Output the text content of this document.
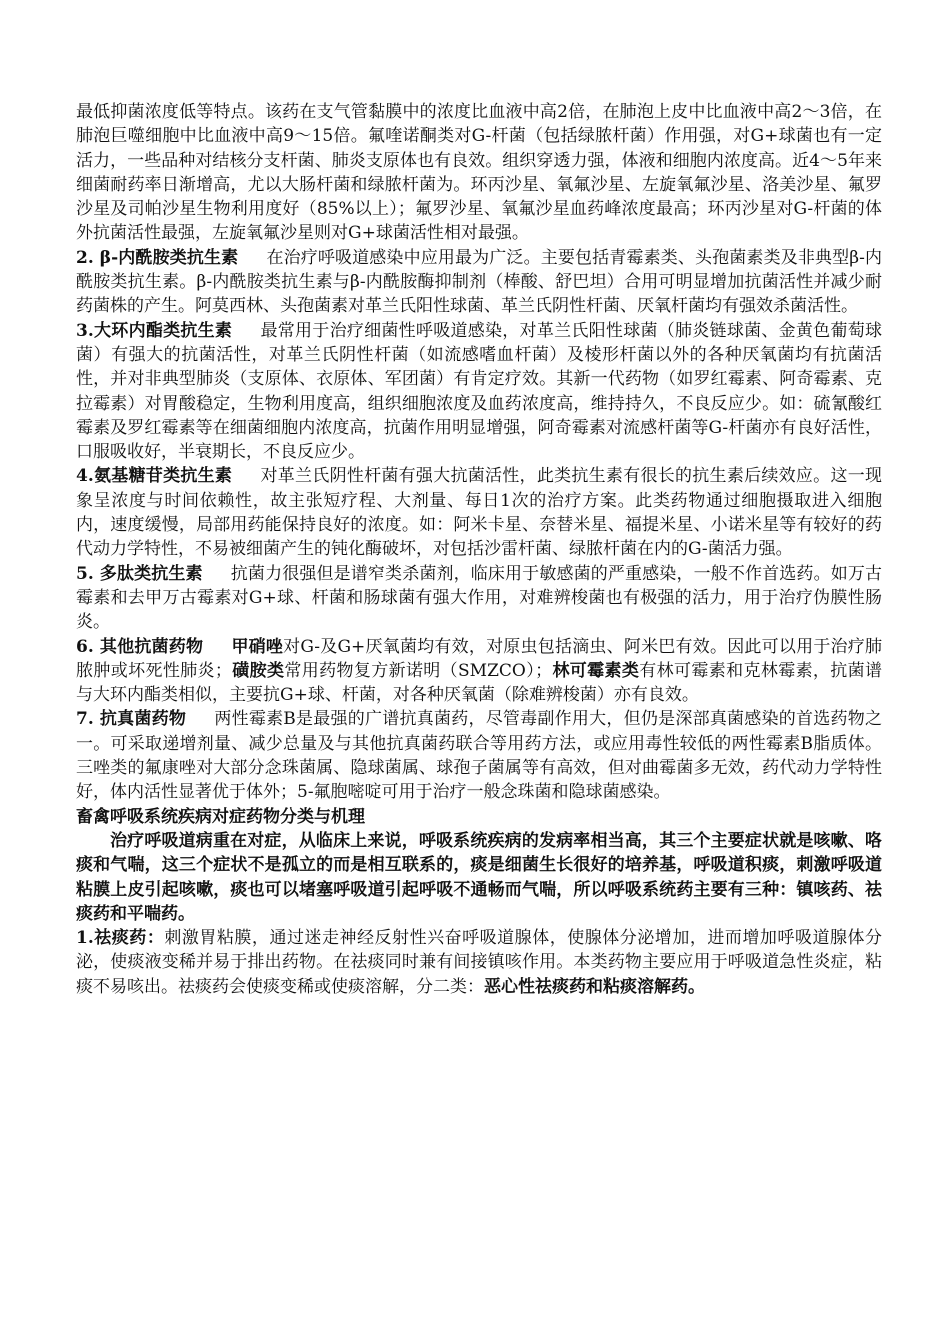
最低抑菌浓度低等特点。该药在支气管黏膜中的浓度比血液中高2倍，在肺泡上皮中比血液中高2～3倍，在肺泡巨噬细胞中比血液中高9～15倍。氟喹诺酮类对G-杆菌（包括绿脓杆菌）作用强，对G+球菌也有一定活力，一些品种对结核分支杆菌、肺炎支原体也有良效。组织穿透力强，体液和细胞内浓度高。近4～5年来细菌耐药率日渐增高，尤以大肠杆菌和绿脓杆菌为。环丙沙星、氧氟沙星、左旋氧氟沙星、洛美沙星、氟罗沙星及司帕沙星生物利用度好（85%以上）；氟罗沙星、氧氟沙星血药峰浓度最高；环丙沙星对G-杆菌的体外抗菌活性最强，左旋氧氟沙星则对G+球菌活性相对最强。

2. β-内酰胺类抗生素 在治疗呼吸道感染中应用最为广泛。主要包括青霉素类、头孢菌素类及非典型β-内酰胺类抗生素。β-内酰胺类抗生素与β-内酰胺酶抑制剂（棒酸、舒巴坦）合用可明显增加抗菌活性并减少耐药菌株的产生。阿莫西林、头孢菌素对革兰氏阳性球菌、革兰氏阴性杆菌、厌氧杆菌均有强效杀菌活性。

3.大环内酯类抗生素 最常用于治疗细菌性呼吸道感染，对革兰氏阳性球菌（肺炎链球菌、金黄色葡萄球菌）有强大的抗菌活性，对革兰氏阴性杆菌（如流感嗜血杆菌）及棱形杆菌以外的各种厌氧菌均有抗菌活性，并对非典型肺炎（支原体、衣原体、军团菌）有肯定疗效。其新一代药物（如罗红霉素、阿奇霉素、克拉霉素）对胃酸稳定，生物利用度高，组织细胞浓度及血药浓度高，维持持久，不良反应少。如：硫氰酸红霉素及罗红霉素等在细菌细胞内浓度高，抗菌作用明显增强，阿奇霉素对流感杆菌等G-杆菌亦有良好活性，口服吸收好，半衰期长，不良反应少。

4.氨基糖苷类抗生素 对革兰氏阴性杆菌有强大抗菌活性，此类抗生素有很长的抗生素后续效应。这一现象呈浓度与时间依赖性，故主张短疗程、大剂量、每日1次的治疗方案。此类药物通过细胞摄取进入细胞内，速度缓慢，局部用药能保持良好的浓度。如：阿米卡星、奈替米星、福提米星、小诺米星等有较好的药代动力学特性，不易被细菌产生的钝化酶破坏，对包括沙雷杆菌、绿脓杆菌在内的G-菌活力强。

5. 多肽类抗生素 抗菌力很强但是谱窄类杀菌剂，临床用于敏感菌的严重感染，一般不作首选药。如万古霉素和去甲万古霉素对G+球、杆菌和肠球菌有强大作用，对难辨梭菌也有极强的活力，用于治疗伪膜性肠炎。

6. 其他抗菌药物 甲硝唑对G-及G+厌氧菌均有效，对原虫包括滴虫、阿米巴有效。因此可以用于治疗肺脓肿或坏死性肺炎；磺胺类常用药物复方新诺明（SMZCO）；林可霉素类有林可霉素和克林霉素，抗菌谱与大环内酯类相似，主要抗G+球、杆菌，对各种厌氧菌（除难辨梭菌）亦有良效。

7. 抗真菌药物 两性霉素B是最强的广谱抗真菌药，尽管毒副作用大，但仍是深部真菌感染的首选药物之一。可采取递增剂量、减少总量及与其他抗真菌药联合等用药方法，或应用毒性较低的两性霉素B脂质体。三唑类的氟康唑对大部分念珠菌属、隐球菌属、球孢子菌属等有高效，但对曲霉菌多无效，药代动力学特性好，体内活性显著优于体外；5-氟胞嘧啶可用于治疗一般念珠菌和隐球菌感染。

畜禽呼吸系统疾病对症药物分类与机理

治疗呼吸道病重在对症，从临床上来说，呼吸系统疾病的发病率相当高，其三个主要症状就是咳嗽、咯痰和气喘，这三个症状不是孤立的而是相互联系的，痰是细菌生长很好的培养基，呼吸道积痰，刺激呼吸道粘膜上皮引起咳嗽，痰也可以堵塞呼吸道引起呼吸不通畅而气喘，所以呼吸系统药主要有三种：镇咳药、祛痰药和平喘药。

1.祛痰药：刺激胃粘膜，通过迷走神经反射性兴奋呼吸道腺体，使腺体分泌增加，进而增加呼吸道腺体分泌，使痰液变稀并易于排出药物。在祛痰同时兼有间接镇咳作用。本类药物主要应用于呼吸道急性炎症，粘痰不易咳出。祛痰药会使痰变稀或使痰溶解，分二类：恶心性祛痰药和粘痰溶解药。
